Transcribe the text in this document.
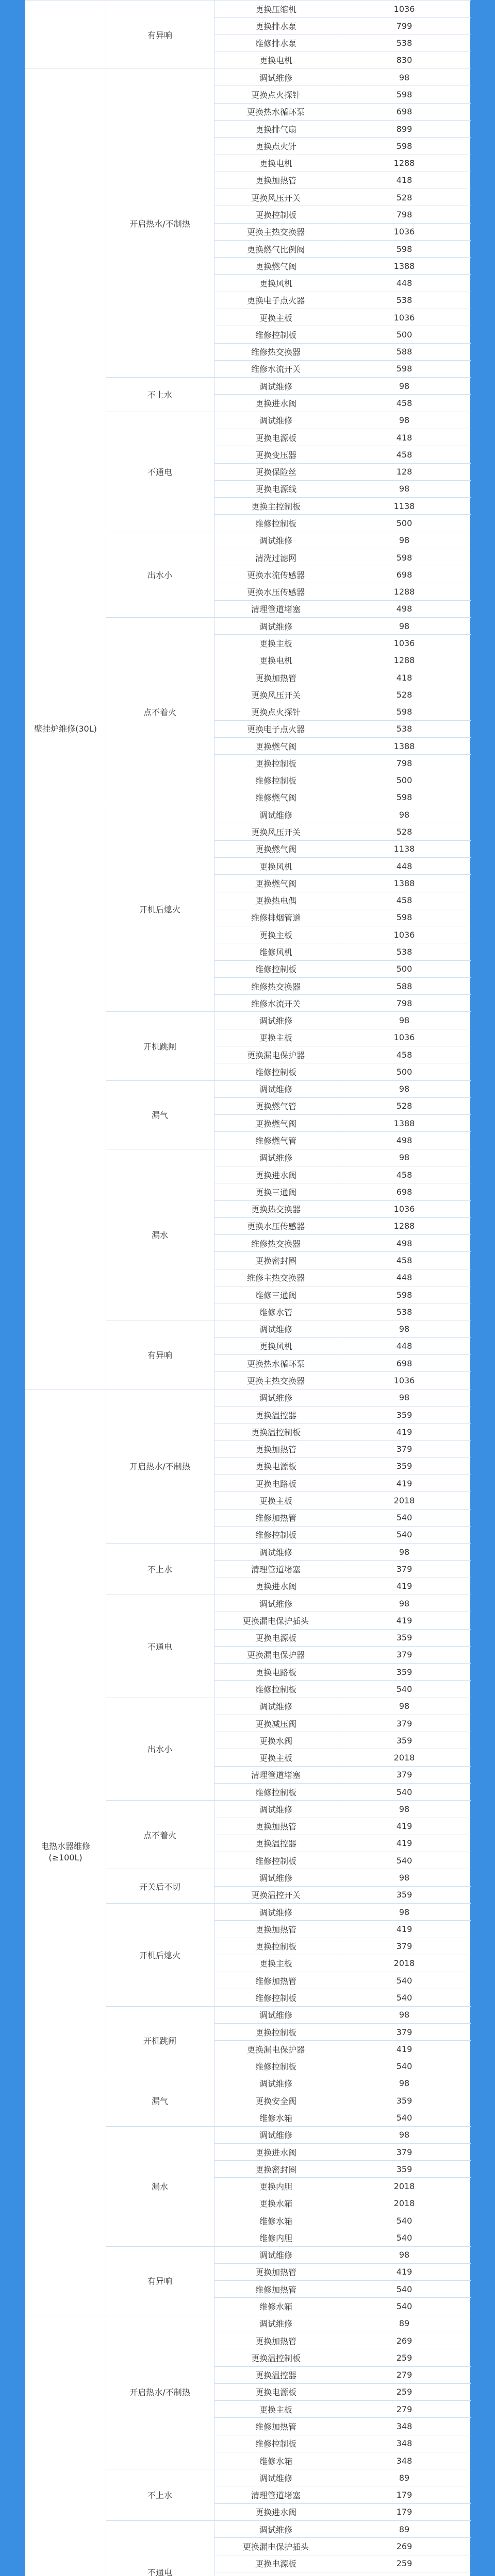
有异响
更换压缩机	1036
更换排水泵	799
维修排水泵	538
更换电机	830
壁挂炉维修(30L)
开启热水/不制热
调试维修	98
更换点火探针	598
更换热水循环泵	698
更换排气扇	899
更换点火针	598
更换电机	1288
更换加热管	418
更换风压开关	528
更换控制板	798
更换主热交换器	1036
更换燃气比例阀	598
更换燃气阀	1388
更换风机	448
更换电子点火器	538
更换主板	1036
维修控制板	500
维修热交换器	588
维修水流开关	598
不上水
调试维修	98
更换进水阀	458
不通电
调试维修	98
更换电源板	418
更换变压器	458
更换保险丝	128
更换电源线	98
更换主控制板	1138
维修控制板	500
出水小
调试维修	98
清洗过滤网	598
更换水流传感器	698
更换水压传感器	1288
清理管道堵塞	498
点不着火
调试维修	98
更换主板	1036
更换电机	1288
更换加热管	418
更换风压开关	528
更换点火探针	598
更换电子点火器	538
更换燃气阀	1388
更换控制板	798
维修控制板	500
维修燃气阀	598
开机后熄火
调试维修	98
更换风压开关	528
更换燃气阀	1138
更换风机	448
更换燃气阀	1388
更换热电偶	458
维修排烟管道	598
更换主板	1036
维修风机	538
维修控制板	500
维修热交换器	588
维修水流开关	798
开机跳闸
调试维修	98
更换主板	1036
更换漏电保护器	458
维修控制板	500
漏气
调试维修	98
更换燃气管	528
更换燃气阀	1388
维修燃气管	498
漏水
调试维修	98
更换进水阀	458
更换三通阀	698
更换热交换器	1036
更换水压传感器	1288
维修热交换器	498
更换密封圈	458
维修主热交换器	448
维修三通阀	598
维修水管	538
有异响
调试维修	98
更换风机	448
更换热水循环泵	698
更换主热交换器	1036
电热水器维修(≥100L)
开启热水/不制热
调试维修	98
更换温控器	359
更换温控制板	419
更换加热管	379
更换电源板	359
更换电路板	419
更换主板	2018
维修加热管	540
维修控制板	540
不上水
调试维修	98
清理管道堵塞	379
更换进水阀	419
不通电
调试维修	98
更换漏电保护插头	419
更换电源板	359
更换漏电保护器	379
更换电路板	359
维修控制板	540
出水小
调试维修	98
更换减压阀	379
更换水阀	359
更换主板	2018
清理管道堵塞	379
维修控制板	540
点不着火
调试维修	98
更换加热管	419
更换温控器	419
维修控制板	540
开关后不切
调试维修	98
更换温控开关	359
开机后熄火
调试维修	98
更换加热管	419
更换控制板	379
更换主板	2018
维修加热管	540
维修控制板	540
开机跳闸
调试维修	98
更换控制板	379
更换漏电保护器	419
维修控制板	540
漏气
调试维修	98
更换安全阀	359
维修水箱	540
漏水
调试维修	98
更换进水阀	379
更换密封圈	359
更换内胆	2018
更换水箱	2018
维修水箱	540
维修内胆	540
有异响
调试维修	98
更换加热管	419
维修加热管	540
维修水箱	540
开启热水/不制热
调试维修	89
更换加热管	269
更换温控制板	259
更换温控器	279
更换电源板	259
更换主板	279
维修加热管	348
维修控制板	348
维修水箱	348
不上水
调试维修	89
清理管道堵塞	179
更换进水阀	179
不通电
调试维修	89
更换漏电保护插头	269
更换电源板	259
